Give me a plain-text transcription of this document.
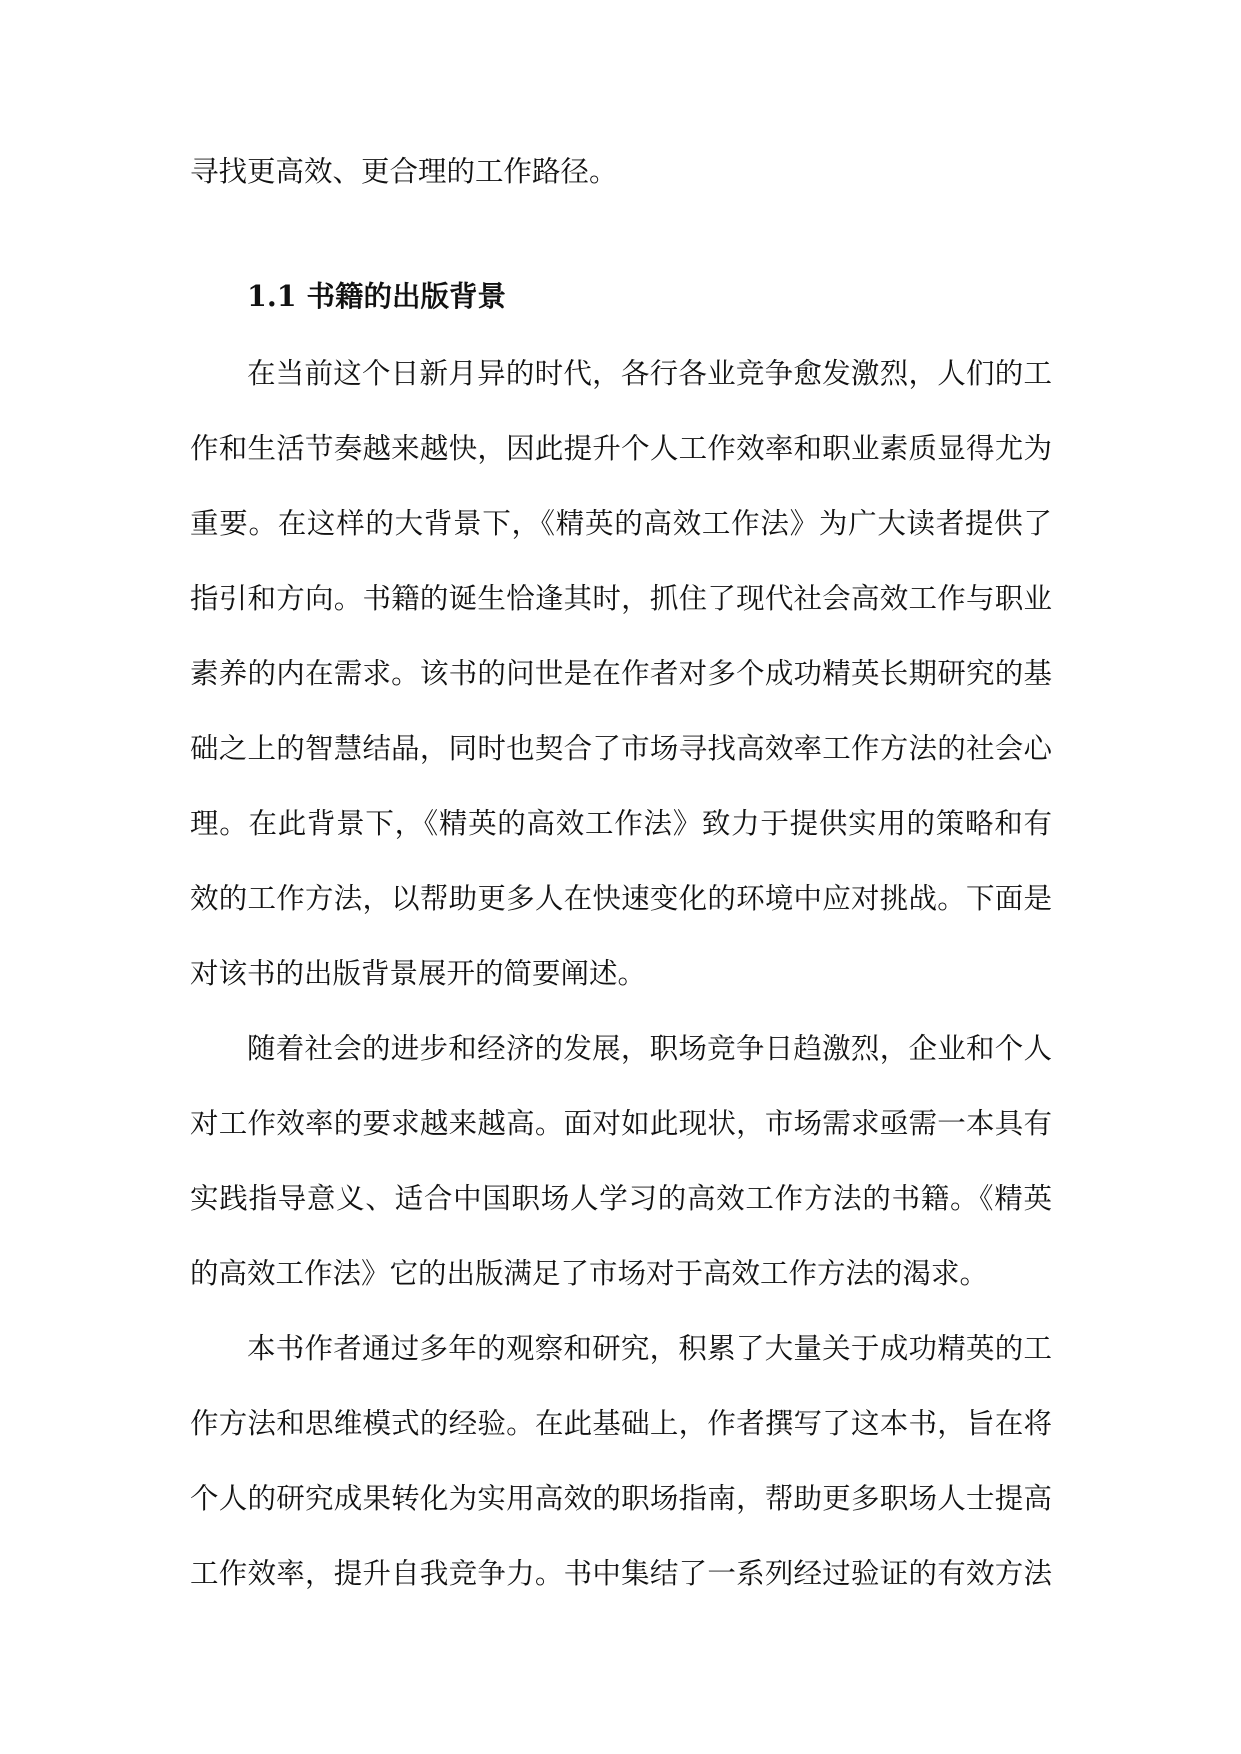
寻找更高效、更合理的工作路径。
1.1 书籍的出版背景
在当前这个日新月异的时代，各行各业竞争愈发激烈，人们的工
作和生活节奏越来越快，因此提升个人工作效率和职业素质显得尤为
重要。在这样的大背景下，《精英的高效工作法》为广大读者提供了
指引和方向。书籍的诞生恰逢其时，抓住了现代社会高效工作与职业
素养的内在需求。该书的问世是在作者对多个成功精英长期研究的基
础之上的智慧结晶，同时也契合了市场寻找高效率工作方法的社会心
理。在此背景下，《精英的高效工作法》致力于提供实用的策略和有
效的工作方法，以帮助更多人在快速变化的环境中应对挑战。下面是
对该书的出版背景展开的简要阐述。
随着社会的进步和经济的发展，职场竞争日趋激烈，企业和个人
对工作效率的要求越来越高。面对如此现状，市场需求亟需一本具有
实践指导意义、适合中国职场人学习的高效工作方法的书籍。《精英
的高效工作法》它的出版满足了市场对于高效工作方法的渴求。
本书作者通过多年的观察和研究，积累了大量关于成功精英的工
作方法和思维模式的经验。在此基础上，作者撰写了这本书，旨在将
个人的研究成果转化为实用高效的职场指南，帮助更多职场人士提高
工作效率，提升自我竞争力。书中集结了一系列经过验证的有效方法
